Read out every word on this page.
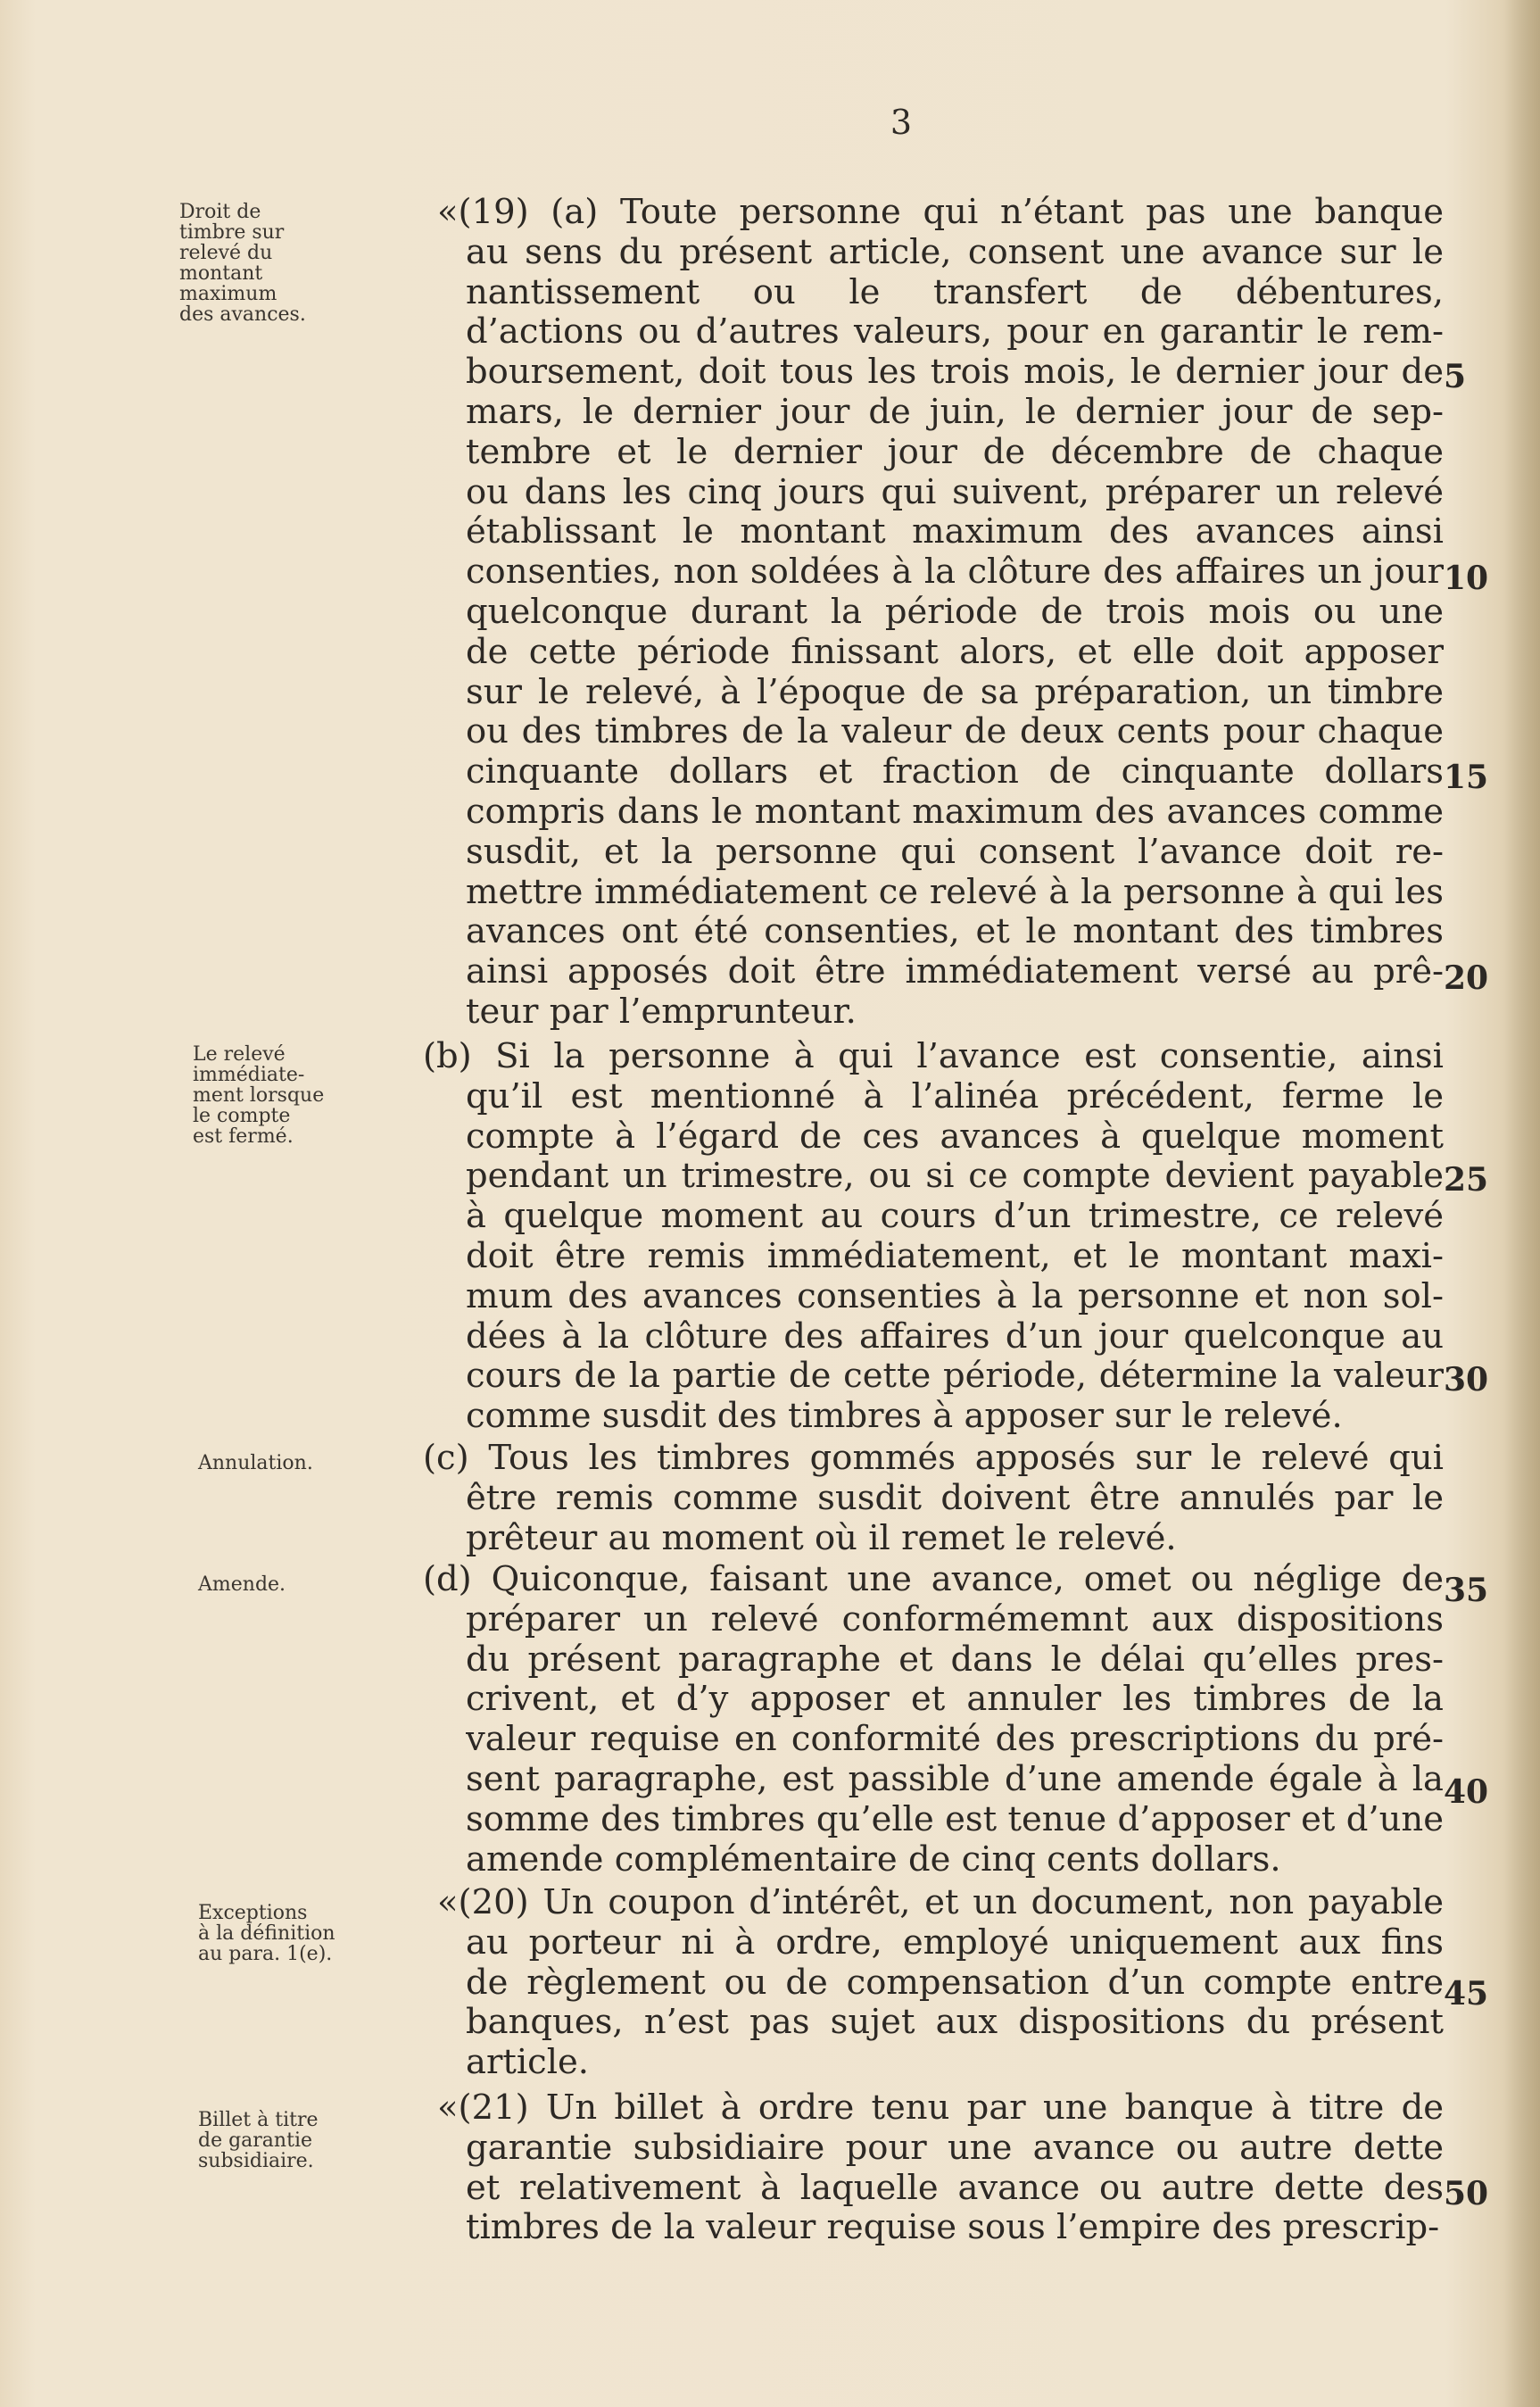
3
Droit de
timbre sur
relevé du
montant
maximum
des avances.
Le relevé
immédiate-
ment lorsque
le compte
est fermé.
Annulation.
Amende.
Exceptions
à la définition
au para. 1(e).
Billet à titre
de garantie
subsidiaire.
«(19) (a) Toute personne qui n’étant pas une banque
au sens du présent article, consent une avance sur le
nantissement ou le transfert de débentures,
d’actions ou d’autres valeurs, pour en garantir le rem-
boursement, doit tous les trois mois, le dernier jour de
mars, le dernier jour de juin, le dernier jour de sep-
tembre et le dernier jour de décembre de chaque
ou dans les cinq jours qui suivent, préparer un relevé
établissant le montant maximum des avances ainsi
consenties, non soldées à la clôture des affaires un jour
quelconque durant la période de trois mois ou une
de cette période finissant alors, et elle doit apposer
sur le relevé, à l’époque de sa préparation, un timbre
ou des timbres de la valeur de deux cents pour chaque
cinquante dollars et fraction de cinquante dollars
compris dans le montant maximum des avances comme
susdit, et la personne qui consent l’avance doit re-
mettre immédiatement ce relevé à la personne à qui les
avances ont été consenties, et le montant des timbres
ainsi apposés doit être immédiatement versé au prê-
teur par l’emprunteur.
(b) Si la personne à qui l’avance est consentie, ainsi
qu’il est mentionné à l’alinéa précédent, ferme le
compte à l’égard de ces avances à quelque moment
pendant un trimestre, ou si ce compte devient payable
à quelque moment au cours d’un trimestre, ce relevé
doit être remis immédiatement, et le montant maxi-
mum des avances consenties à la personne et non sol-
dées à la clôture des affaires d’un jour quelconque au
cours de la partie de cette période, détermine la valeur
comme susdit des timbres à apposer sur le relevé.
(c) Tous les timbres gommés apposés sur le relevé qui
être remis comme susdit doivent être annulés par le
prêteur au moment où il remet le relevé.
(d) Quiconque, faisant une avance, omet ou néglige de
préparer un relevé conformémemnt aux dispositions
du présent paragraphe et dans le délai qu’elles pres-
crivent, et d’y apposer et annuler les timbres de la
valeur requise en conformité des prescriptions du pré-
sent paragraphe, est passible d’une amende égale à la
somme des timbres qu’elle est tenue d’apposer et d’une
amende complémentaire de cinq cents dollars.
«(20) Un coupon d’intérêt, et un document, non payable
au porteur ni à ordre, employé uniquement aux fins
de règlement ou de compensation d’un compte entre
banques, n’est pas sujet aux dispositions du présent
article.
«(21) Un billet à ordre tenu par une banque à titre de
garantie subsidiaire pour une avance ou autre dette
et relativement à laquelle avance ou autre dette des
timbres de la valeur requise sous l’empire des prescrip-
5
10
15
20
25
30
35
40
45
50
